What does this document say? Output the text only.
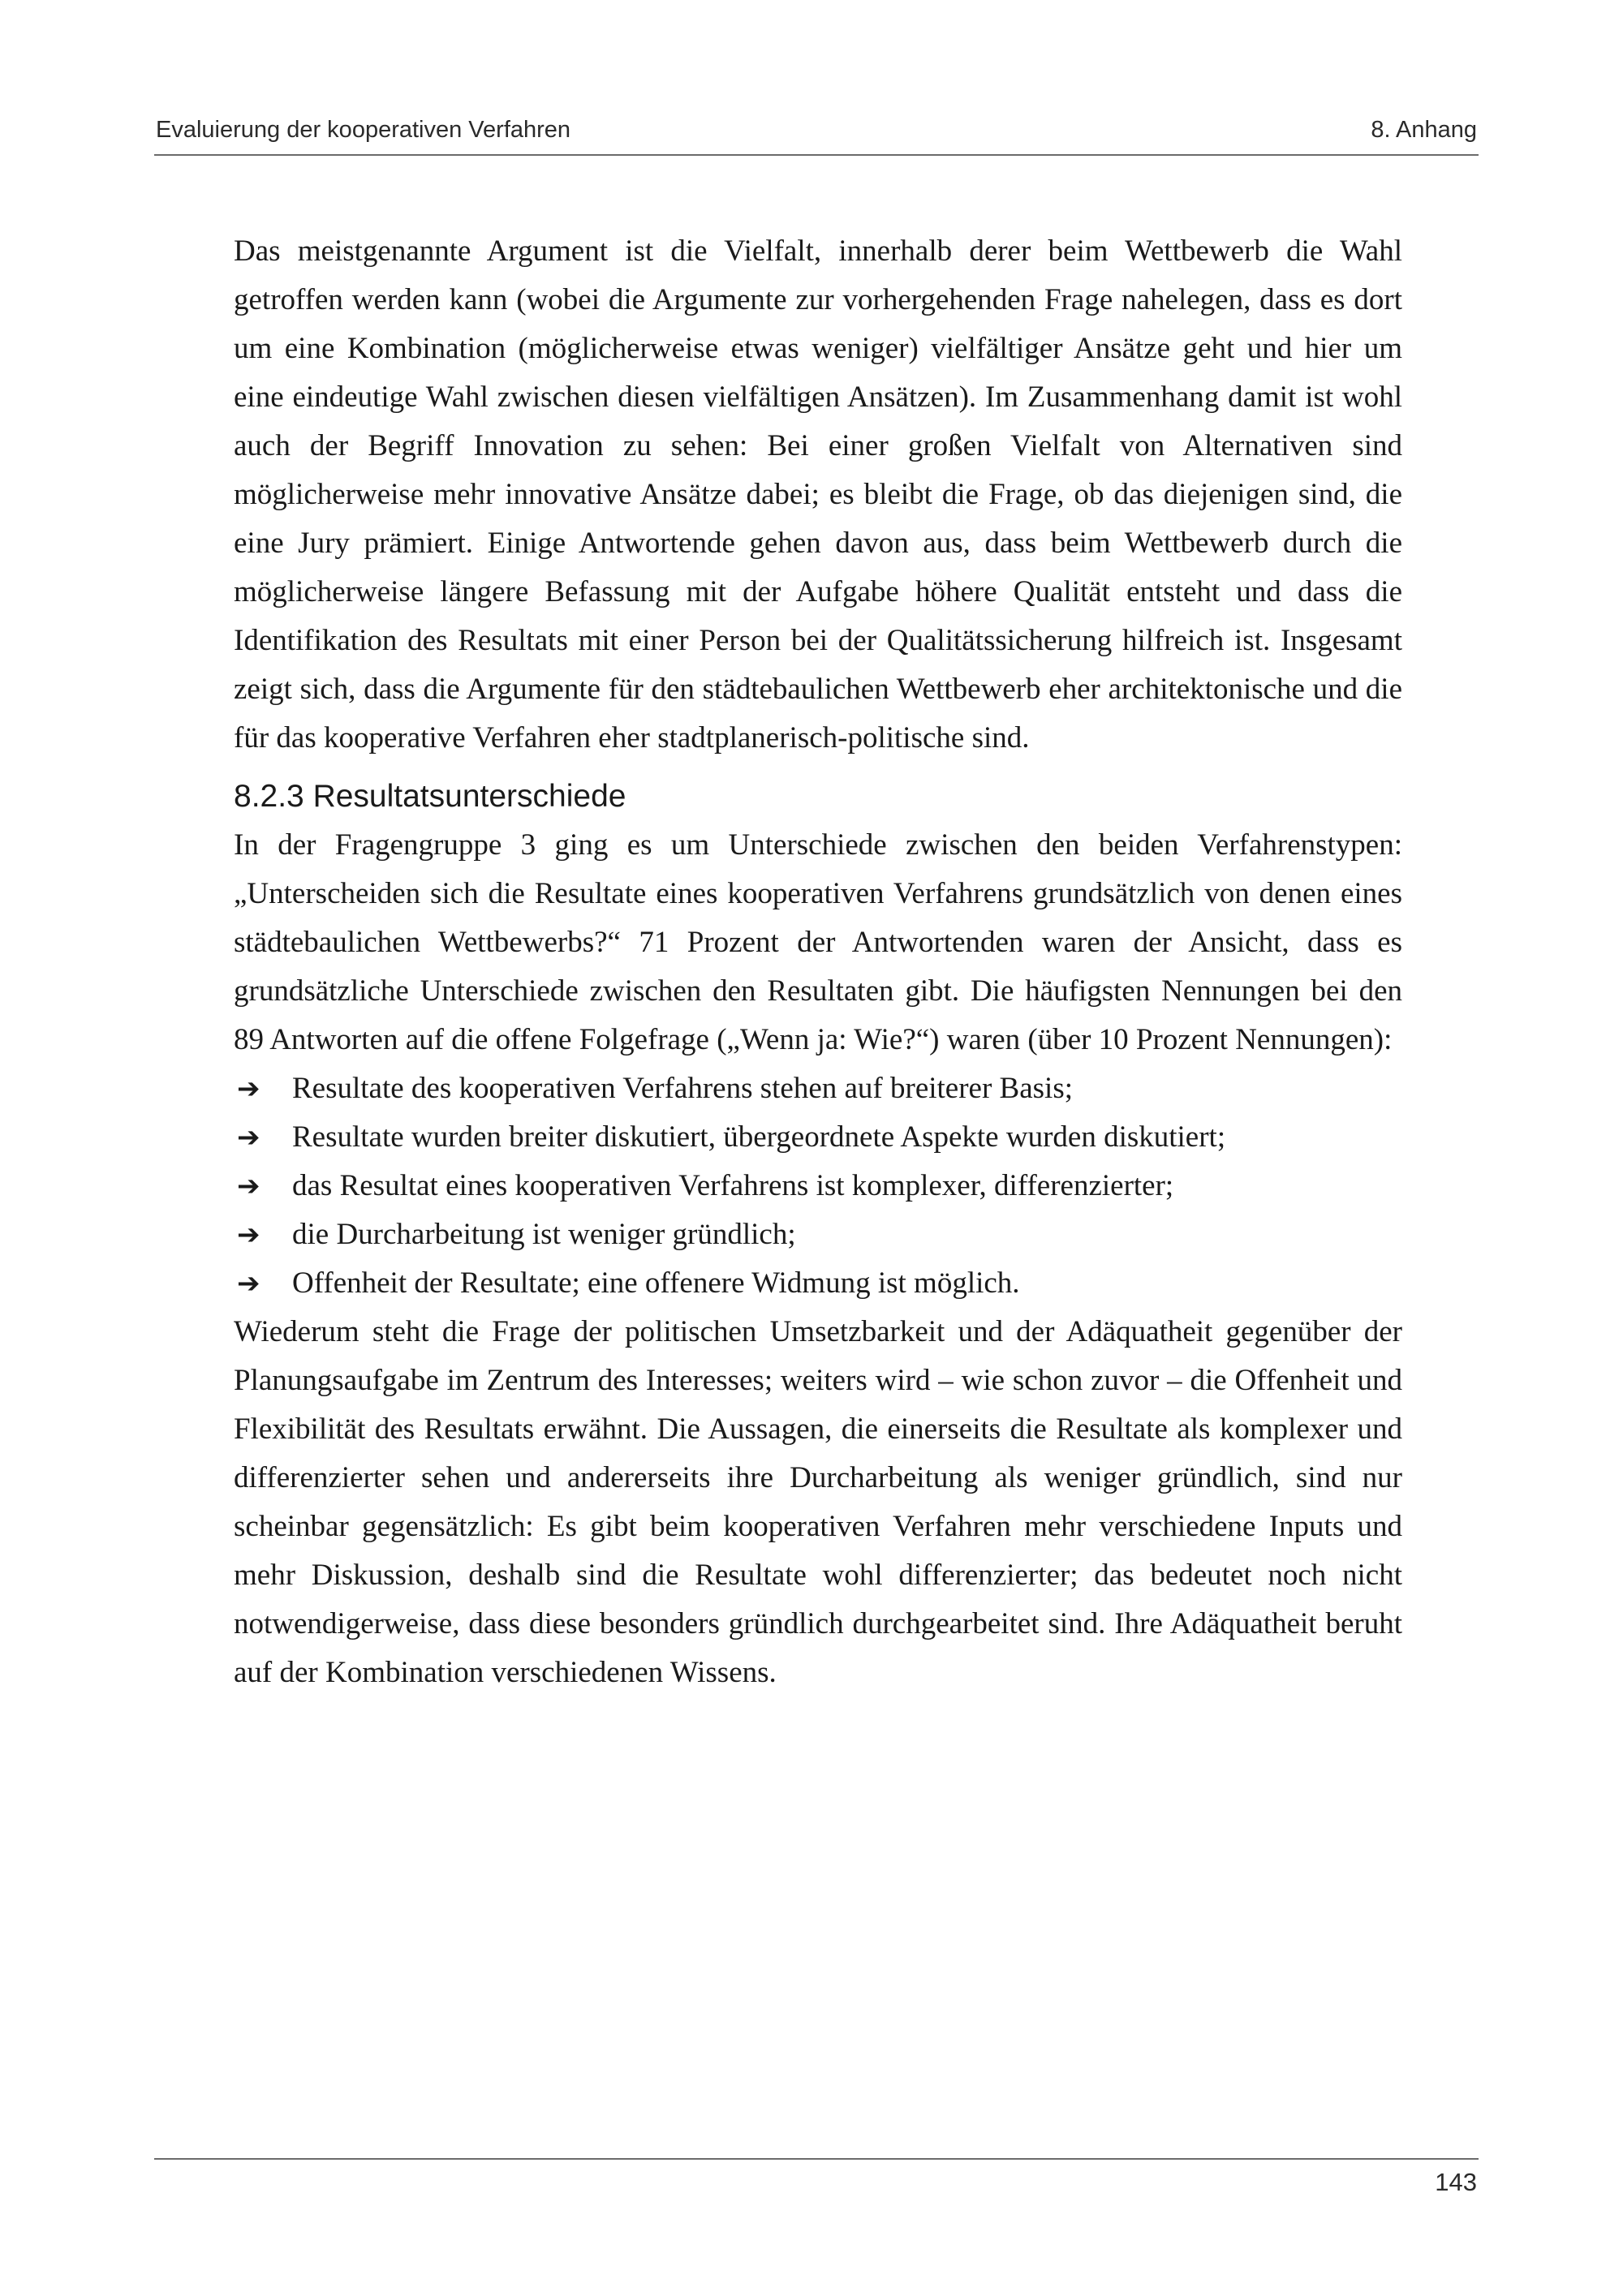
Evaluierung der kooperativen Verfahren	8. Anhang

Das meistgenannte Argument ist die Vielfalt, innerhalb derer beim Wettbewerb die Wahl getroffen werden kann (wobei die Argumente zur vorhergehenden Frage nahelegen, dass es dort um eine Kombination (möglicherweise etwas weniger) vielfältiger Ansätze geht und hier um eine eindeutige Wahl zwischen diesen vielfältigen Ansätzen). Im Zusammenhang damit ist wohl auch der Begriff Innovation zu sehen: Bei einer großen Vielfalt von Alternativen sind möglicherweise mehr innovative Ansätze dabei; es bleibt die Frage, ob das diejenigen sind, die eine Jury prämiert. Einige Antwortende gehen davon aus, dass beim Wettbewerb durch die möglicherweise längere Befassung mit der Aufgabe höhere Qualität entsteht und dass die Identifikation des Resultats mit einer Person bei der Qualitätssicherung hilfreich ist. Insgesamt zeigt sich, dass die Argumente für den städtebaulichen Wettbewerb eher architektonische und die für das kooperative Verfahren eher stadtplanerisch-politische sind.

8.2.3 Resultatsunterschiede

In der Fragengruppe 3 ging es um Unterschiede zwischen den beiden Verfahrenstypen: „Unterscheiden sich die Resultate eines kooperativen Verfahrens grundsätzlich von denen eines städtebaulichen Wettbewerbs?“ 71 Prozent der Antwortenden waren der Ansicht, dass es grundsätzliche Unterschiede zwischen den Resultaten gibt. Die häufigsten Nennungen bei den 89 Antworten auf die offene Folgefrage („Wenn ja: Wie?“) waren (über 10 Prozent Nennungen):

➔ Resultate des kooperativen Verfahrens stehen auf breiterer Basis;
➔ Resultate wurden breiter diskutiert, übergeordnete Aspekte wurden diskutiert;
➔ das Resultat eines kooperativen Verfahrens ist komplexer, differenzierter;
➔ die Durcharbeitung ist weniger gründlich;
➔ Offenheit der Resultate; eine offenere Widmung ist möglich.

Wiederum steht die Frage der politischen Umsetzbarkeit und der Adäquatheit gegenüber der Planungsaufgabe im Zentrum des Interesses; weiters wird – wie schon zuvor – die Offenheit und Flexibilität des Resultats erwähnt. Die Aussagen, die einerseits die Resultate als komplexer und differenzierter sehen und andererseits ihre Durcharbeitung als weniger gründlich, sind nur scheinbar gegensätzlich: Es gibt beim kooperativen Verfahren mehr verschiedene Inputs und mehr Diskussion, deshalb sind die Resultate wohl differenzierter; das bedeutet noch nicht notwendigerweise, dass diese besonders gründlich durchgearbeitet sind. Ihre Adäquatheit beruht auf der Kombination verschiedenen Wissens.

143
